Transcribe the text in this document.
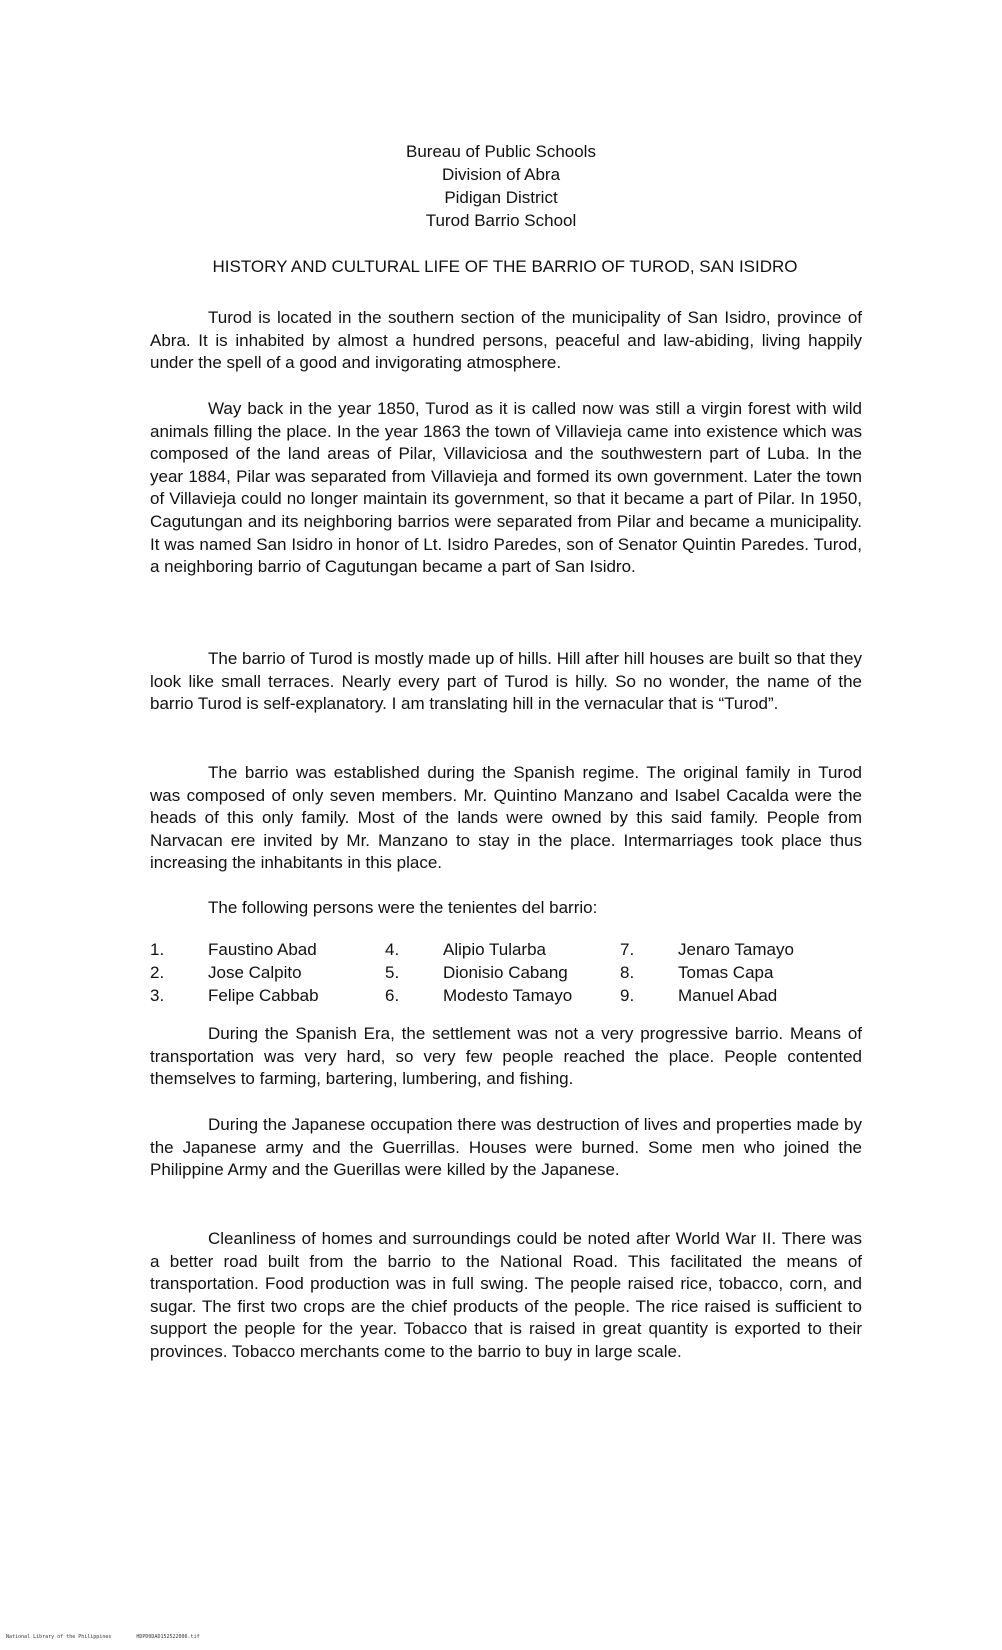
Bureau of Public Schools
Division of Abra
Pidigan District
Turod Barrio School
HISTORY AND CULTURAL LIFE OF THE BARRIO OF TUROD, SAN ISIDRO

Turod is located in the southern section of the municipality of San Isidro, province of Abra. It is inhabited by almost a hundred persons, peaceful and law-abiding, living happily under the spell of a good and invigorating atmosphere.

Way back in the year 1850, Turod as it is called now was still a virgin forest with wild animals filling the place. In the year 1863 the town of Villavieja came into existence which was composed of the land areas of Pilar, Villaviciosa and the southwestern part of Luba. In the year 1884, Pilar was separated from Villavieja and formed its own government. Later the town of Villavieja could no longer maintain its government, so that it became a part of Pilar. In 1950, Cagutungan and its neighboring barrios were separated from Pilar and became a municipality. It was named San Isidro in honor of Lt. Isidro Paredes, son of Senator Quintin Paredes. Turod, a neighboring barrio of Cagutungan became a part of San Isidro.

The barrio of Turod is mostly made up of hills. Hill after hill houses are built so that they look like small terraces. Nearly every part of Turod is hilly. So no wonder, the name of the barrio Turod is self-explanatory. I am translating hill in the vernacular that is “Turod”.

The barrio was established during the Spanish regime. The original family in Turod was composed of only seven members. Mr. Quintino Manzano and Isabel Cacalda were the heads of this only family. Most of the lands were owned by this said family. People from Narvacan ere invited by Mr. Manzano to stay in the place. Intermarriages took place thus increasing the inhabitants in this place.

The following persons were the tenientes del barrio:

1.	Faustino Abad	4.	Alipio Tularba	7.	Jenaro Tamayo
2.	Jose Calpito	5.	Dionisio Cabang	8.	Tomas Capa
3.	Felipe Cabbab	6.	Modesto Tamayo	9.	Manuel Abad

During the Spanish Era, the settlement was not a very progressive barrio. Means of transportation was very hard, so very few people reached the place. People contented themselves to farming, bartering, lumbering, and fishing.

During the Japanese occupation there was destruction of lives and properties made by the Japanese army and the Guerrillas. Houses were burned. Some men who joined the Philippine Army and the Guerillas were killed by the Japanese.

Cleanliness of homes and surroundings could be noted after World War II. There was a better road built from the barrio to the National Road. This facilitated the means of transportation. Food production was in full swing. The people raised rice, tobacco, corn, and sugar. The first two crops are the chief products of the people. The rice raised is sufficient to support the people for the year. Tobacco that is raised in great quantity is exported to their provinces. Tobacco merchants come to the barrio to buy in large scale.

National Library of the Philippines	HDPD0DAD152522006.tif
